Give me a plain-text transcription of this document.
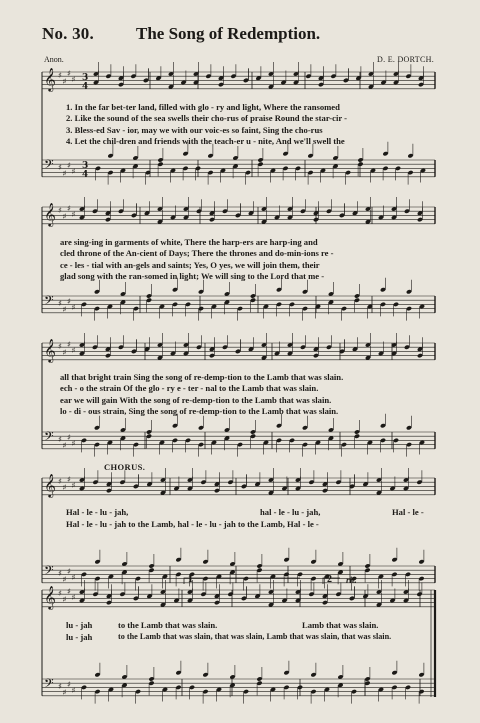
No. 30. The Song of Redemption.
Anon.	D. E. DORTCH.
3
4
3
4
𝄞 ♯
♯
♯
♯
𝄢 ♯
♯
♯
♯
𝄞 ♯
♯
♯
♯
𝄢 ♯
♯
♯
♯
𝄞 ♯
♯
♯
♯
𝄢 ♯
♯
♯
♯
𝄞 ♯
♯
♯
♯
𝄢 ♯
♯
♯
♯
𝄞 ♯
♯
♯
♯
𝄢 ♯
♯
♯
♯
1. In the far bet-ter land, filled with glo - ry and light, Where the ransomed
2. Like the sound of the sea swells their cho-rus of praise Round the star-cir -
3. Bless-ed Sav - ior, may we with our voic-es so faint, Sing the cho-rus
4. Let the chil-dren and friends with the teach-er u - nite, And we'll swell the
are sing-ing in garments of white, There the harp-ers are harp-ing and
cled throne of the An-cient of Days; There the thrones and do-min-ions re -
ce - les - tial with an-gels and saints; Yes, O yes, we will join them, their
glad song with the ran-somed in light; We will sing to the Lord that me -
all that bright train Sing the song of re-demp-tion to the Lamb that was slain.
ech - o the strain Of the glo - ry e - ter - nal to the Lamb that was slain.
ear we will gain With the song of re-demp-tion to the Lamb that was slain.
lo - di - ous strain, Sing the song of re-demp-tion to the Lamb that was slain.
CHORUS.
Hal - le - lu - jah,	hal - le - lu - jah,	Hal - le -
Hal - le - lu - jah to the Lamb, hal - le - lu - jah to the Lamb, Hal - le -
1	2 rit.
lu - jah	to the Lamb that was slain.	Lamb that was slain.
lu - jah	to the Lamb that was slain, that was slain, Lamb that was slain, that was slain.
